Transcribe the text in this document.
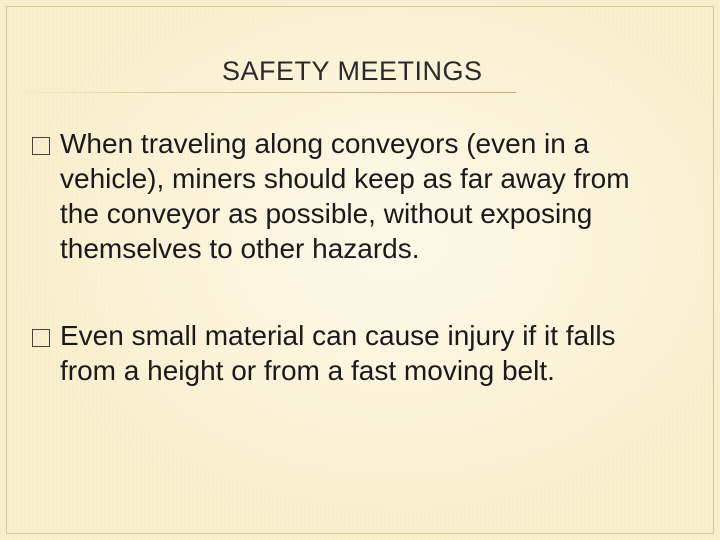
SAFETY MEETINGS
When traveling along conveyors (even in a vehicle), miners should keep as far away from the conveyor as possible, without exposing themselves to other hazards.
Even small material can cause injury if it falls from a height or from a fast moving belt.
